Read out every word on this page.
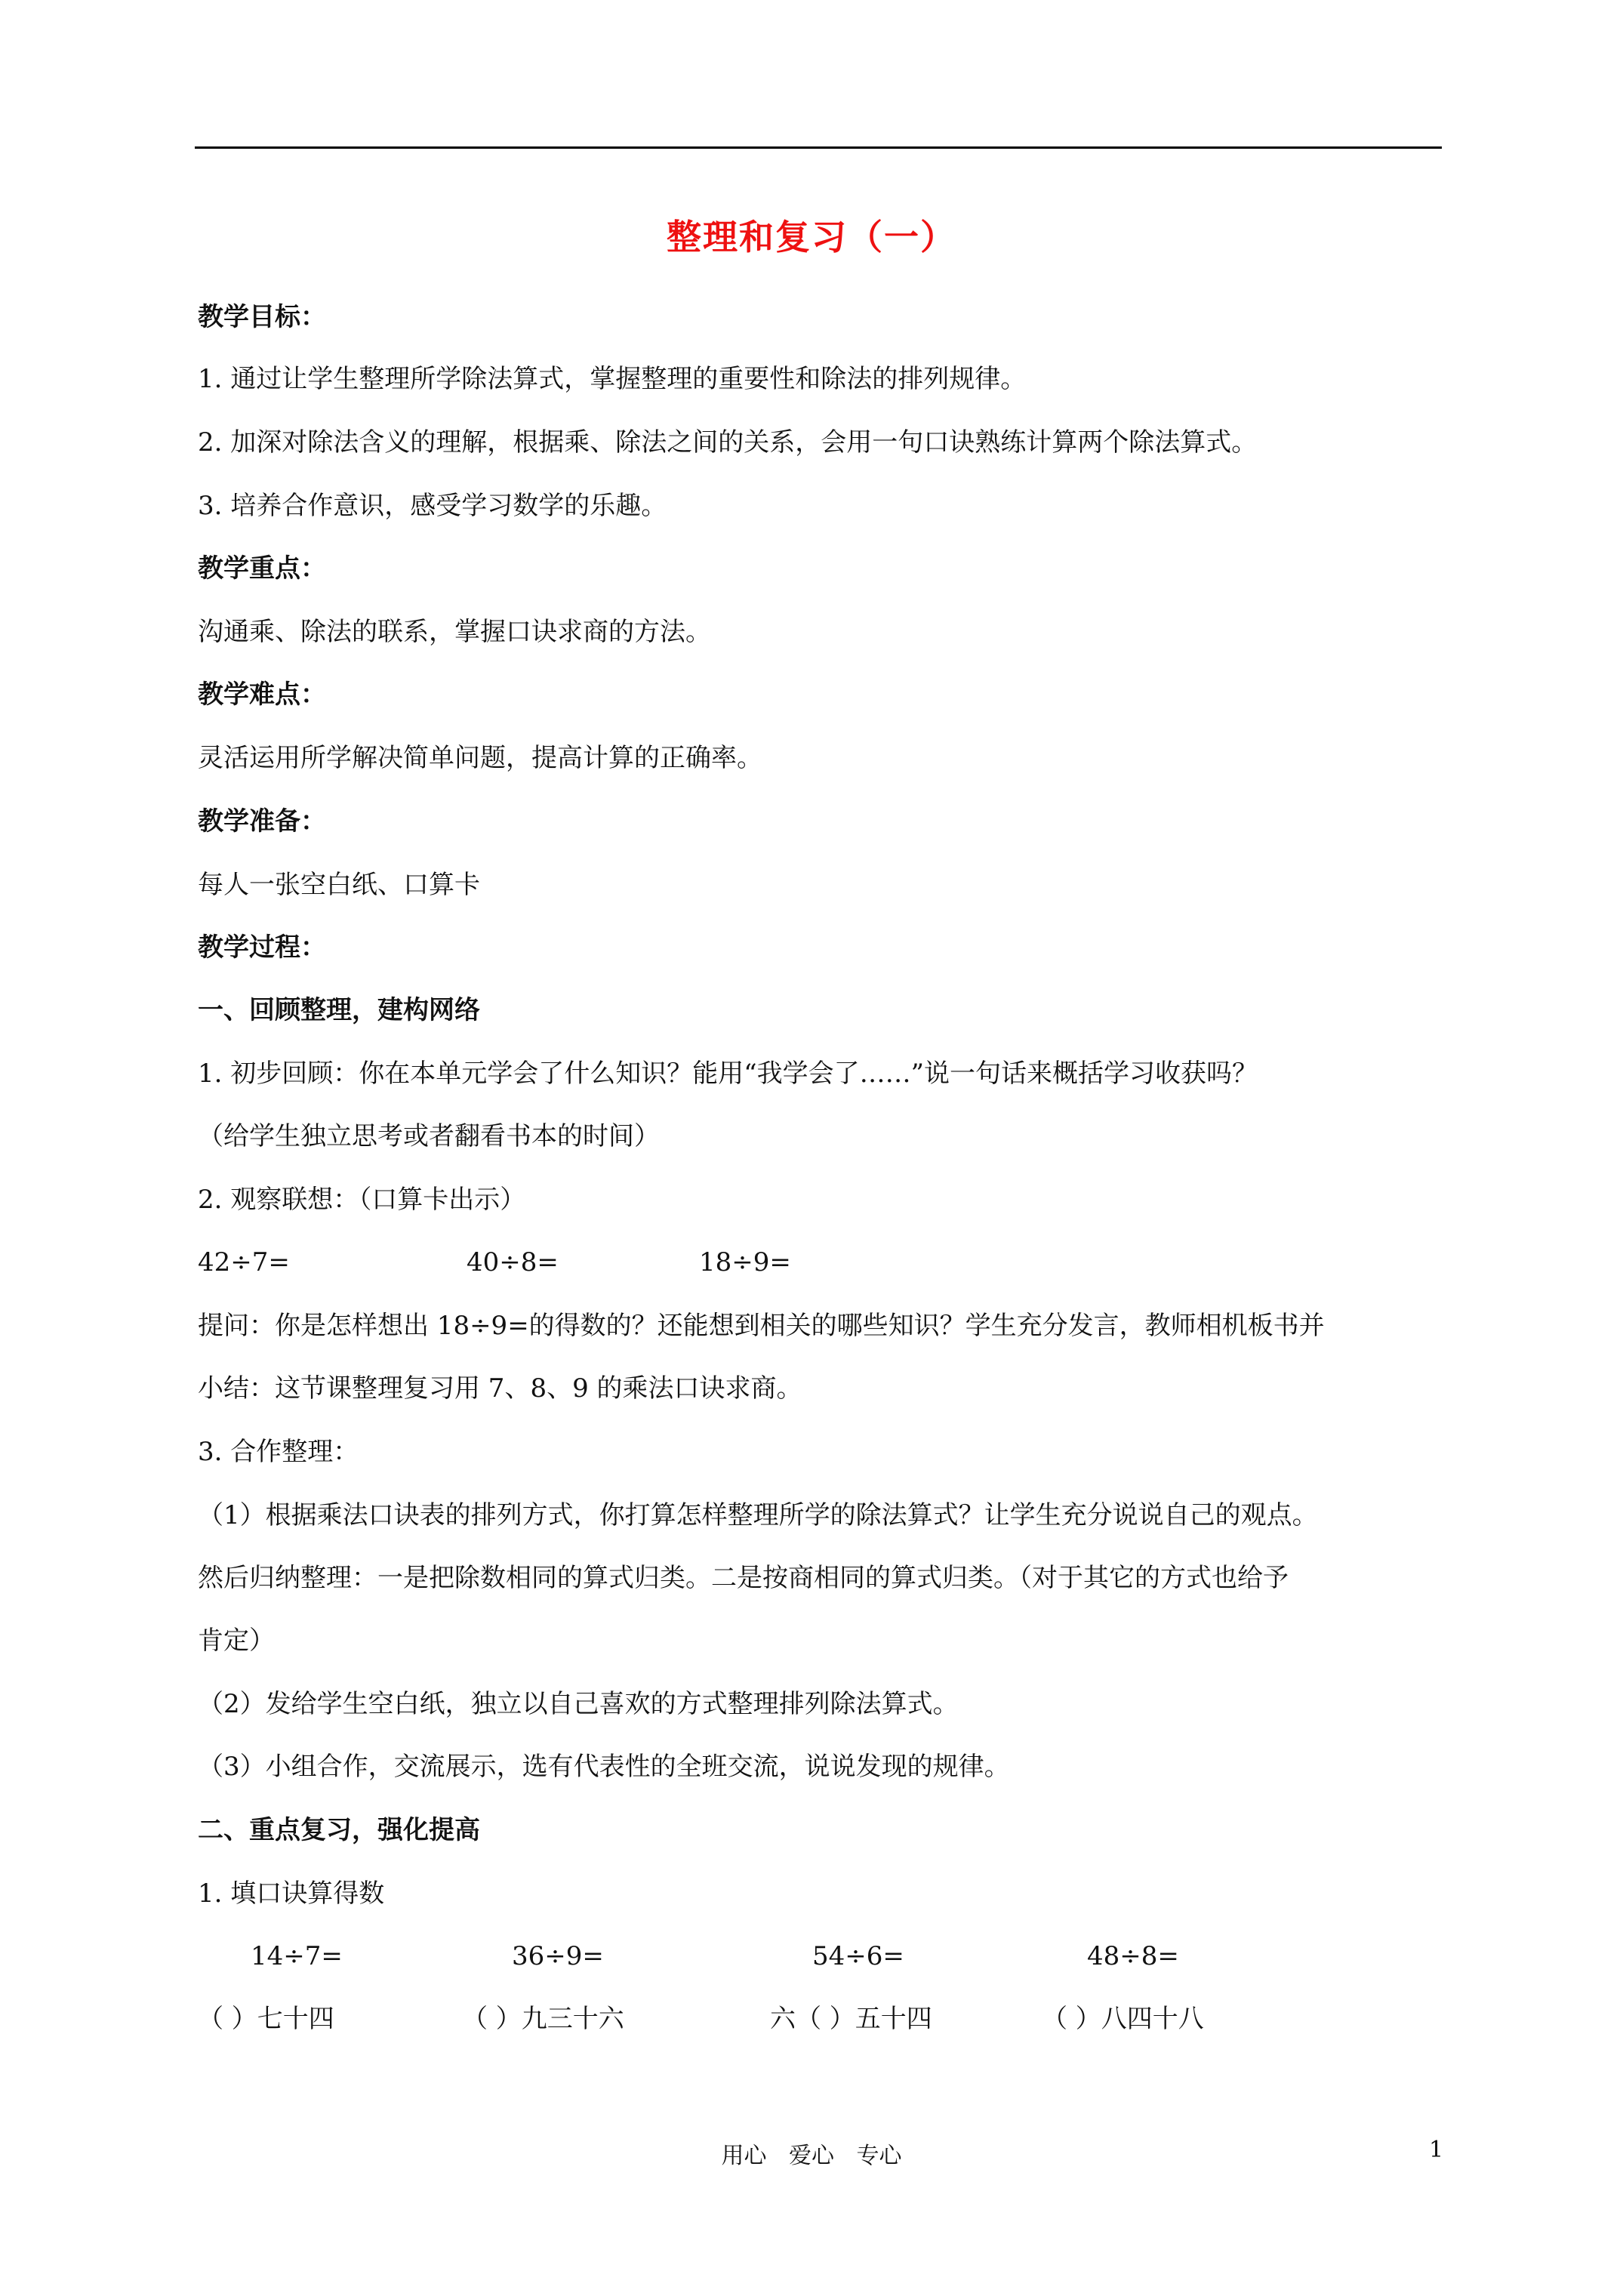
整理和复习（一）
教学目标：
1. 通过让学生整理所学除法算式，掌握整理的重要性和除法的排列规律。
2. 加深对除法含义的理解，根据乘、除法之间的关系，会用一句口诀熟练计算两个除法算式。
3. 培养合作意识，感受学习数学的乐趣。
教学重点：
沟通乘、除法的联系，掌握口诀求商的方法。
教学难点：
灵活运用所学解决简单问题，提高计算的正确率。
教学准备：
每人一张空白纸、口算卡
教学过程：
一、回顾整理，建构网络
1. 初步回顾：你在本单元学会了什么知识？能用“我学会了……”说一句话来概括学习收获吗？
（给学生独立思考或者翻看书本的时间）
2. 观察联想：（口算卡出示）
42÷7=	40÷8=	18÷9=
提问：你是怎样想出 18÷9=的得数的？还能想到相关的哪些知识？学生充分发言，教师相机板书并
小结：这节课整理复习用 7、8、9 的乘法口诀求商。
3. 合作整理：
（1）根据乘法口诀表的排列方式，你打算怎样整理所学的除法算式？让学生充分说说自己的观点。
然后归纳整理：一是把除数相同的算式归类。二是按商相同的算式归类。（对于其它的方式也给予
肯定）
（2）发给学生空白纸，独立以自己喜欢的方式整理排列除法算式。
（3）小组合作，交流展示，选有代表性的全班交流，说说发现的规律。
二、重点复习，强化提高
1. 填口诀算得数
14÷7=	36÷9=	54÷6=	48÷8=
（ ）七十四	（ ）九三十六	六（ ）五十四	（ ）八四十八
用心 爱心 专心	1
